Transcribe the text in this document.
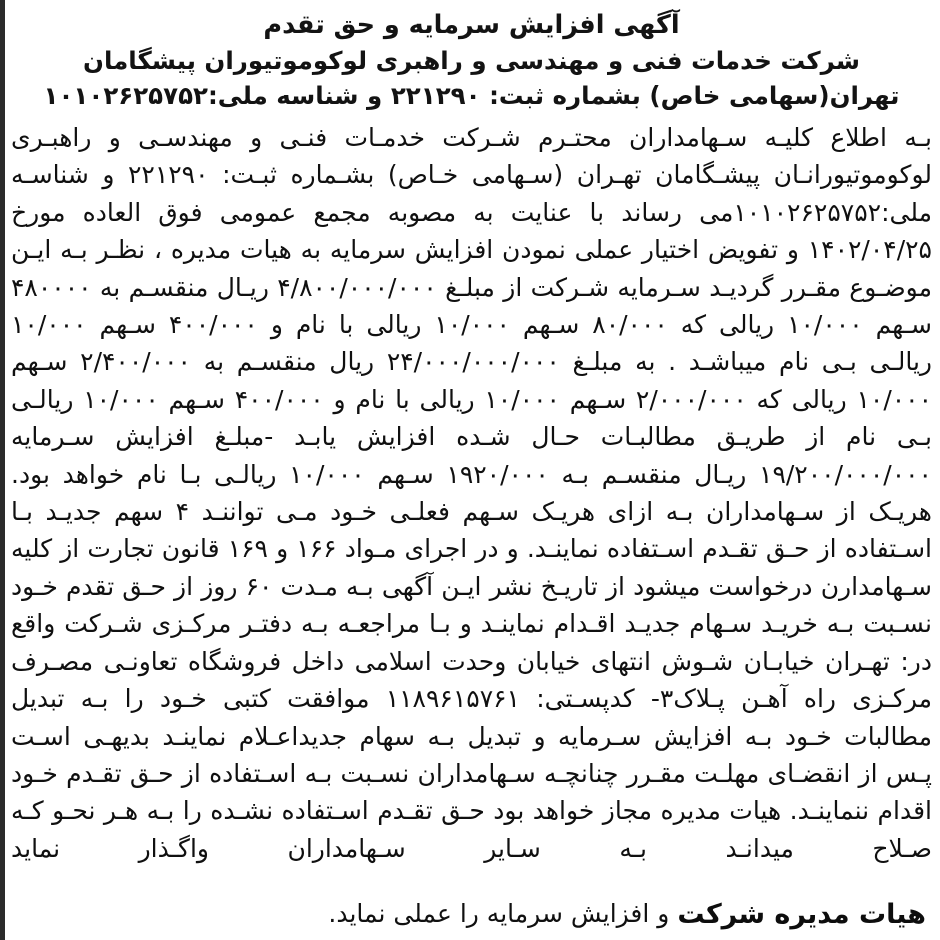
آگهی افزایش سرمایه و حق تقدم
شرکت خدمات فنی و مهندسی و راهبری لوکوموتیوران پیشگامان
تهران(سهامی خاص) بشماره ثبت: ۲۲۱۲۹۰ و شناسه ملی:۱۰۱۰۲۶۲۵۷۵۲

بـه اطلاع کلیـه سـهامداران محتـرم شـرکت خدمـات فنـی و مهندسـی و راهبـری لوکوموتیورانـان پیشـگامان تهـران (سـهامی خـاص) بشـماره ثبـت: ۲۲۱۲۹۰ و شناسـه ملی:۱۰۱۰۲۶۲۵۷۵۲می رساند با عنایت به مصوبه مجمع عمومی فوق العاده مورخ ۱۴۰۲/۰۴/۲۵ و تفویض اختیار عملی نمودن افزایش سرمایه به هیات مدیره ، نظـر بـه ایـن موضـوع مقـرر گردیـد سـرمایه شـرکت از مبلـغ ۴/۸۰۰/۰۰۰/۰۰۰ ریـال منقسـم به ۴۸۰۰۰۰ سـهم ۱۰/۰۰۰ ریالی که ۸۰/۰۰۰ سـهم ۱۰/۰۰۰ ریالی با نام و ۴۰۰/۰۰۰ سـهم ۱۰/۰۰۰ ریالـی بـی نام میباشـد . به مبلـغ ۲۴/۰۰۰/۰۰۰/۰۰۰ ریال منقسـم به ۲/۴۰۰/۰۰۰ سـهم ۱۰/۰۰۰ ریالی که ۲/۰۰۰/۰۰۰ سـهم ۱۰/۰۰۰ ریالی با نام و ۴۰۰/۰۰۰ سـهم ۱۰/۰۰۰ ریالـی بـی نام از طریـق مطالبـات حـال شـده افزایش یابـد -مبلـغ افزایش سـرمایه ۱۹/۲۰۰/۰۰۰/۰۰۰ ریـال منقسـم بـه ۱۹۲۰/۰۰۰ سـهم ۱۰/۰۰۰ ریالـی بـا نام خواهد بود.

هریـک از سـهامداران بـه ازای هریـک سـهم فعلـی خـود مـی تواننـد ۴ سهم جدیـد بـا اسـتفاده از حـق تقـدم اسـتفاده نماینـد. و در اجرای مـواد ۱۶۶ و ۱۶۹ قانون تجارت از کلیه سـهامدارن درخواست میشود از تاریـخ نشر ایـن آگهی بـه مـدت ۶۰ روز از حـق تقدم خـود نسـبت بـه خریـد سـهام جدیـد اقـدام نماینـد و بـا مراجعـه بـه دفتـر مرکـزی شـرکت واقع در: تهـران خیابـان شـوش انتهای خیابان وحدت اسلامی داخل فروشگاه تعاونـی مصـرف مرکـزی راه آهـن پـلاک۳- کدپسـتی: ۱۱۸۹۶۱۵۷۶۱ موافقت کتبی خـود را بـه تبدیل مطالبات خـود بـه افزایش سـرمایه و تبدیل بـه سهام جدیداعـلام نماینـد بدیهـی اسـت پـس از انقضـای مهلـت مقـرر چنانچـه سـهامداران نسـبت بـه اسـتفاده از حـق تقـدم خـود اقدام ننماینـد. هیات مدیره مجاز خواهد بود حـق تقـدم اسـتفاده نشـده را بـه هـر نحـو کـه صـلاح میدانـد بـه سـایر سـهامداران واگـذار نماید

هیات مدیره شرکت
و افزایش سرمایه را عملی نماید.
